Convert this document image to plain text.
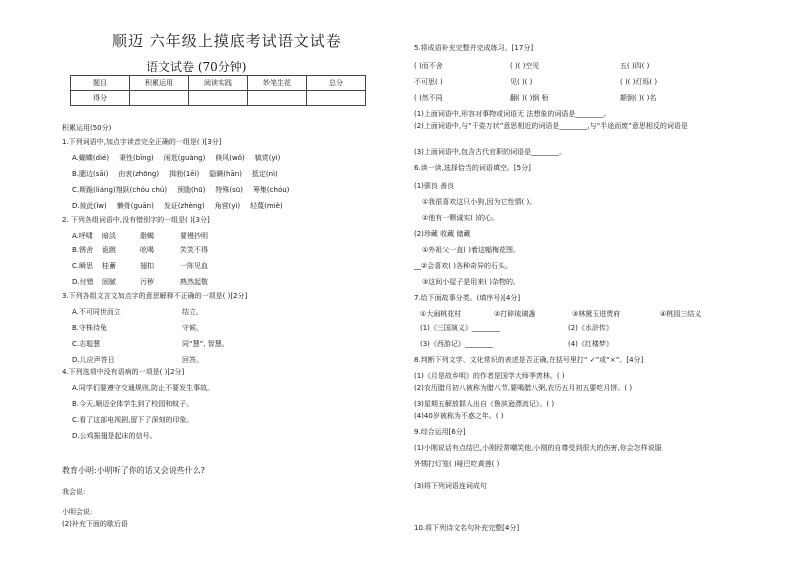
顺迈 六年级上摸底考试语文试卷
语文试卷 (70分钟)
题目	积累运用	阅读实践	妙笔生花	总分
得分				
积累运用(50分)
1.下列词语中,加点字读音完全正确的一组是( )[3分]
A.蝴蝶(dié) 秉性(bǐng) 闲逛(guàng) 倏风(wǒ) 犒赏(yì)
B.腮边(sāi) 由衷(zhōng) 揖勃(1ēi) 隐瞒(hān) 抵定(nì)
C.斯跪(liáng)翔跃(chóu chú) 预勖(hū) 特殊(sū) 筹集(chóu)
D.彼此(ǐw) 懒骨(guān) 发证(zhèng) 角营(yì) 轻蔑(miè)
2. 下列各组词语中,没有错别字的一组是( )[3分]
A.呼啸 暗淡	脂蝎	要慢抄明
B.锈舍 诡跳	吆喝	笑笑不得
C.瞬思 桂蓄	翅扣	一阵见血
D.付错 固腻	污秽	熟然起敬
3.下列各组文言文加点字的意思解释不正确的一项是( )[2分]
A.不可同世而立	结立。
B.守株待兔	守候。
C.志聪慧	同“慧”, 智慧。
D.儿应声答日	回答。
4.下列选项中没有语病的一项是( )[2分]
A.同学们要遵守交通规则,防止不要发生事故。
B.今天,顺迈全体学生到了校园和蚊子。
C.看了这部电视剧,留下了深刻的印象。
D.公鸡振翅是起床的信号。
教育小明:小明听了你的话又会说些什么?
我会说:
小明会说:
(2)补充下面的歇后语
5.将成语补充完整并完成练习。[17分]
( )而不舍	( )( )空见	五( )四( )
不可思( )	见( )( )	( )( )灯烁( )
( )然不同	翻( )( )倒 桓	颠倒( )( )名
(1)上面词语中,形容对事物或词语无 法想象的词语是________。
(2)上面词语中,与“千姿万状”意思相近的词语是________,与“半途而废”意思相反的词语是
(3)上面词语中,包含古代官职的词语是________。
6.读一读,选择恰当的词语填空。[5分]
(1)驯良 善良
①我很喜欢这只小狗,因为它性情( )。
②他有一颗诚实( )的心。
(2)珍藏 收藏 储藏
①外祖父一直( )着这幅梅花图。
__②会喜欢( )各种奇异的石头。
③这间小屋子是用来( )杂物的。
7.给下面故事分类。(填序号)[4分]
①大闹桃花村	②打碎琉璃盏	③林黛玉进贾府	④桃园三结义
(1)《三国演义》________	(2)《水浒传》
(3)《西游记》________	(4)《红楼梦》
8.判断下列文学、文化常识的表述是否正确,在括号里打“ ✓”或“×”。[4分]
(1)《月是故乡明》的作者是国学大师季羡林。( )
(2)农历腊月初八被称为腊八节,要喝腊八粥,农历五月初五要吃月饼。( )
(3)星期五解放群人出自《鲁滨逊漂流记》。( )
(4)40岁被称为不惑之年。( )
9.综合运用[6分]
(1)小刚说话有点结巴,小刚经常嘲笑他,小刚的自尊受到很大的伤害,你会怎样说服
外甥打灯笼( )哑巴吃黄莲( )
(3)将下列词语连词成句
10.将下列诗文名句补充完整[4分]
